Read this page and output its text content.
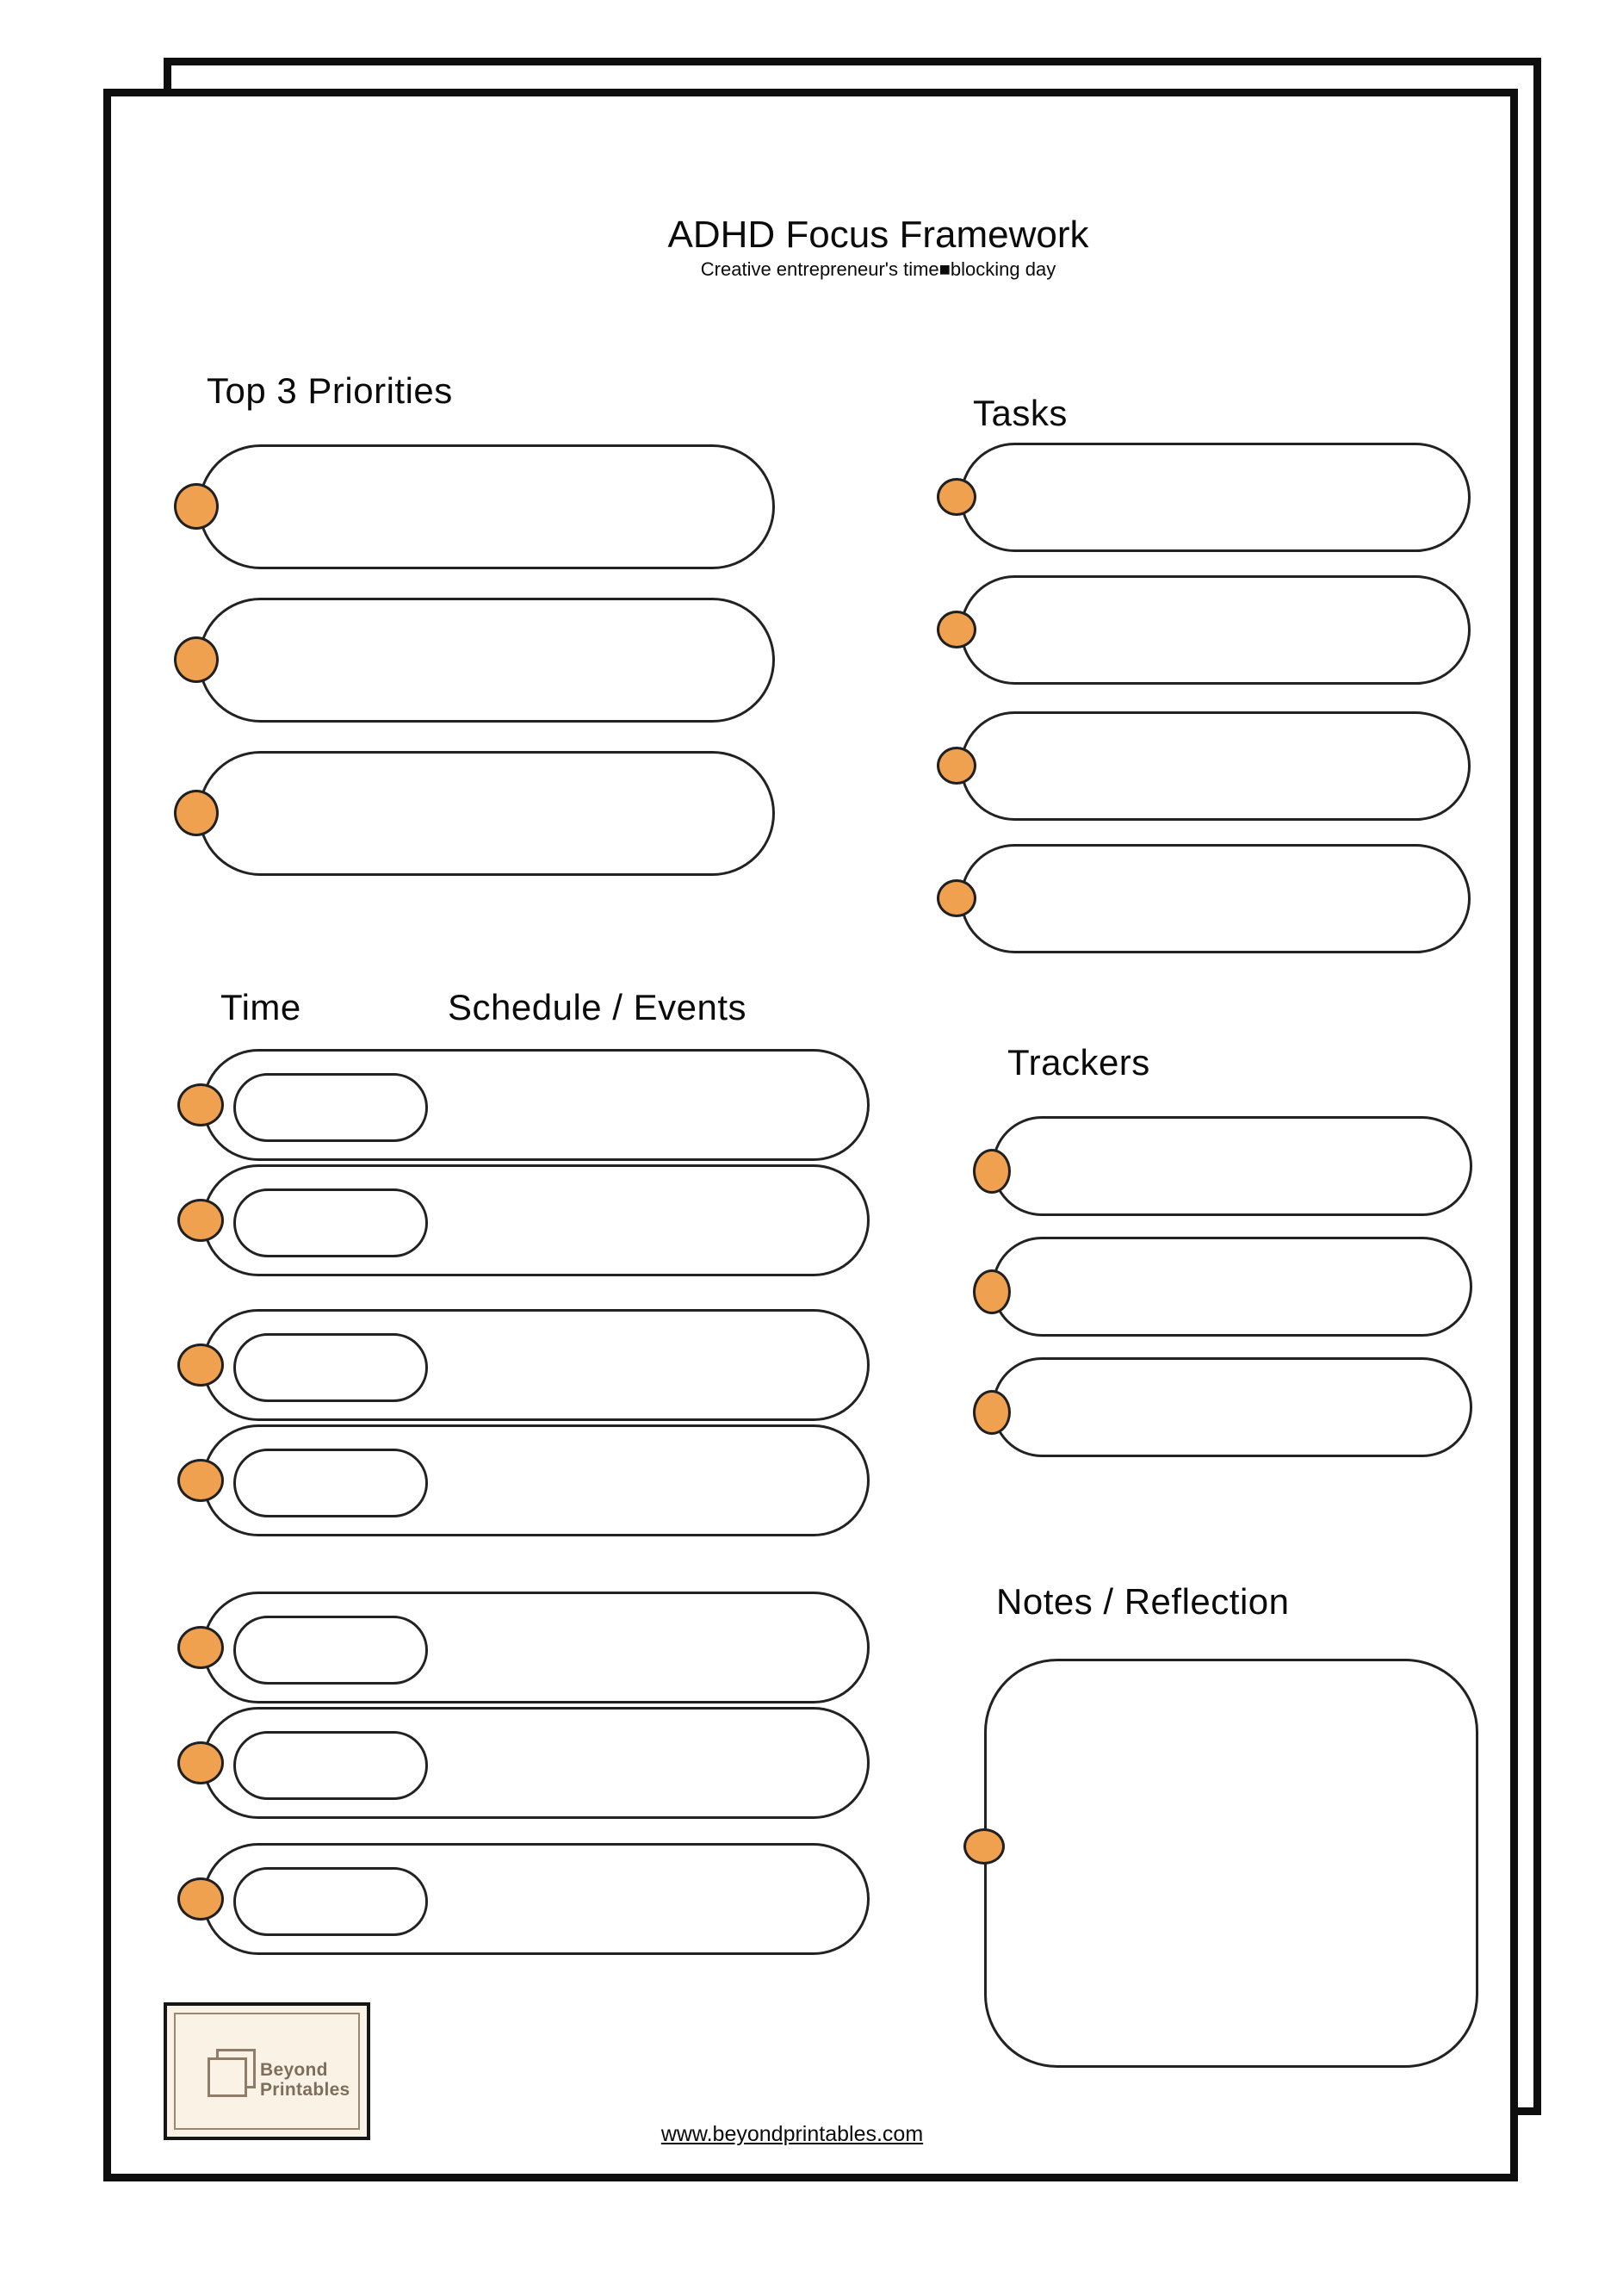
ADHD Focus Framework
Creative entrepreneur's time■blocking day
Top 3 Priorities
Tasks
Time	Schedule / Events
Trackers
Notes / Reflection
Beyond
Printables
www.beyondprintables.com
